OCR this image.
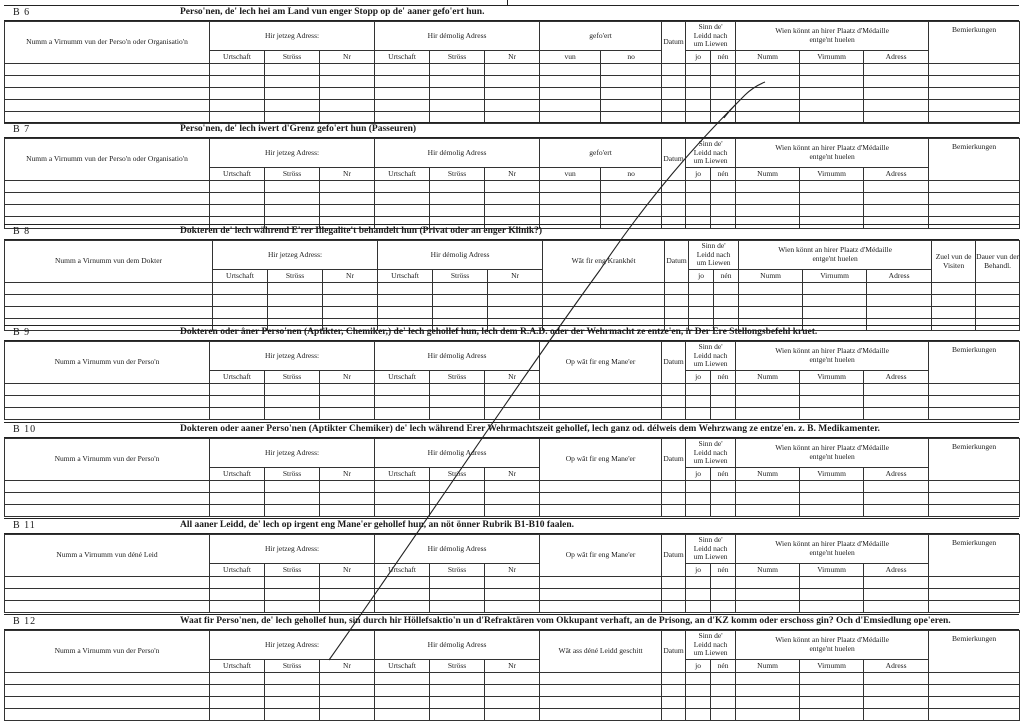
B 6	Perso'nen, de' lech hei am Land vun enger Stopp op de' aaner gefo'ert hun.
Numm a Virnumm vun der Perso'n oder Organisatio'n	Hir jetzeg Adress:			Hir démolig Adress			gefo'ert		Datum	Sinn de'
Leidd nach
um Liewen		Wien könnt an hirer Plaatz d'Médaille
entge'nt huelen			Bemierkungen
	Urtschaft	Ströss	Nr	Urtschaft	Ströss	Nr	vun	no		jo	nén	Numm	Virnumm	Adress	

B 7	Perso'nen, de' lech iwert d'Grenz gefo'ert hun (Passeuren)
Numm a Virnumm vun der Perso'n oder Organisatio'n	Hir jetzeg Adress:			Hir démolig Adress			gefo'ert		Datum	Sinn de'
Leidd nach
um Liewen		Wien könnt an hirer Plaatz d'Médaille
entge'nt huelen			Bemierkungen
	Urtschaft	Ströss	Nr	Urtschaft	Ströss	Nr	vun	no		jo	nén	Numm	Virnumm	Adress	

B 8	Dokteren de' lech während E'rer Illegalite't behandelt hun (Privat oder an enger Klinik?)
Numm a Virnumm vun dem Dokter	Hir jetzeg Adress:			Hir démolig Adress			Wât fir eng Krankhét	Datum	Sinn de'
Leidd nach
um Liewen		Wien könnt an hirer Plaatz d'Médaille
entge'nt huelen			Zuel vun de Visiten	Dauer vun der Behandl.
	Urtschaft	Ströss	Nr	Urtschaft	Ströss	Nr			jo	nén	Numm	Virnumm	Adress		

B 9	Dokteren oder âner Perso'nen (Aptikter, Chemiker,) de' lech gehollef hun, lech dem R.A.D. oder der Wehrmacht ze entze'en, ir Der Ere Stellongsbefehl kruet.
Numm a Virnumm vun der Perso'n	Hir jetzeg Adress:			Hir démolig Adress			Op wât fir eng Mane'er	Datum	Sinn de'
Leidd nach
um Liewen		Wien könnt an hirer Plaatz d'Médaille
entge'nt huelen			Bemierkungen
	Urtschaft	Ströss	Nr	Urtschaft	Ströss	Nr			jo	nén	Numm	Virnumm	Adress	

B 10	Dokteren oder aaner Perso'nen (Aptikter Chemiker) de' lech während Erer Wehrmachtszeit gehollef, lech ganz od. délweis dem Wehrzwang ze entze'en. z. B. Medikamenter.
Numm a Virnumm vun der Perso'n	Hir jetzeg Adress:			Hir démolig Adress			Op wât fir eng Mane'er	Datum	Sinn de'
Leidd nach
um Liewen		Wien könnt an hirer Plaatz d'Médaille
entge'nt huelen			Bemierkungen
	Urtschaft	Ströss	Nr	Urtschaft	Ströss	Nr			jo	nén	Numm	Virnumm	Adress	

B 11	All aaner Leidd, de' lech op irgent eng Mane'er gehollef hun, an nöt önner Rubrik B1-B10 faalen.
Numm a Virnumm vun déné Leid	Hir jetzeg Adress:			Hir démolig Adress			Op wât fir eng Mane'er	Datum	Sinn de'
Leidd nach
um Liewen		Wien könnt an hirer Plaatz d'Médaille
entge'nt huelen			Bemierkungen
	Urtschaft	Ströss	Nr	Urtschaft	Ströss	Nr			jo	nén	Numm	Virnumm	Adress	

B 12	Waat fir Perso'nen, de' lech gehollef hun, sin durch hir Höllefsaktio'n un d'Refraktären vom Okkupant verhaft, an de Prisong, an d'KZ komm oder erschoss gin? Och d'Emsiedlung ope'eren.
Numm a Virnumm vun der Perso'n	Hir jetzeg Adress:			Hir démolig Adress			Wât ass déné Leidd geschitt	Datum	Sinn de'
Leidd nach
um Liewen		Wien könnt an hirer Plaatz d'Médaille
entge'nt huelen			Bemierkungen
	Urtschaft	Ströss	Nr	Urtschaft	Ströss	Nr			jo	nén	Numm	Virnumm	Adress	
